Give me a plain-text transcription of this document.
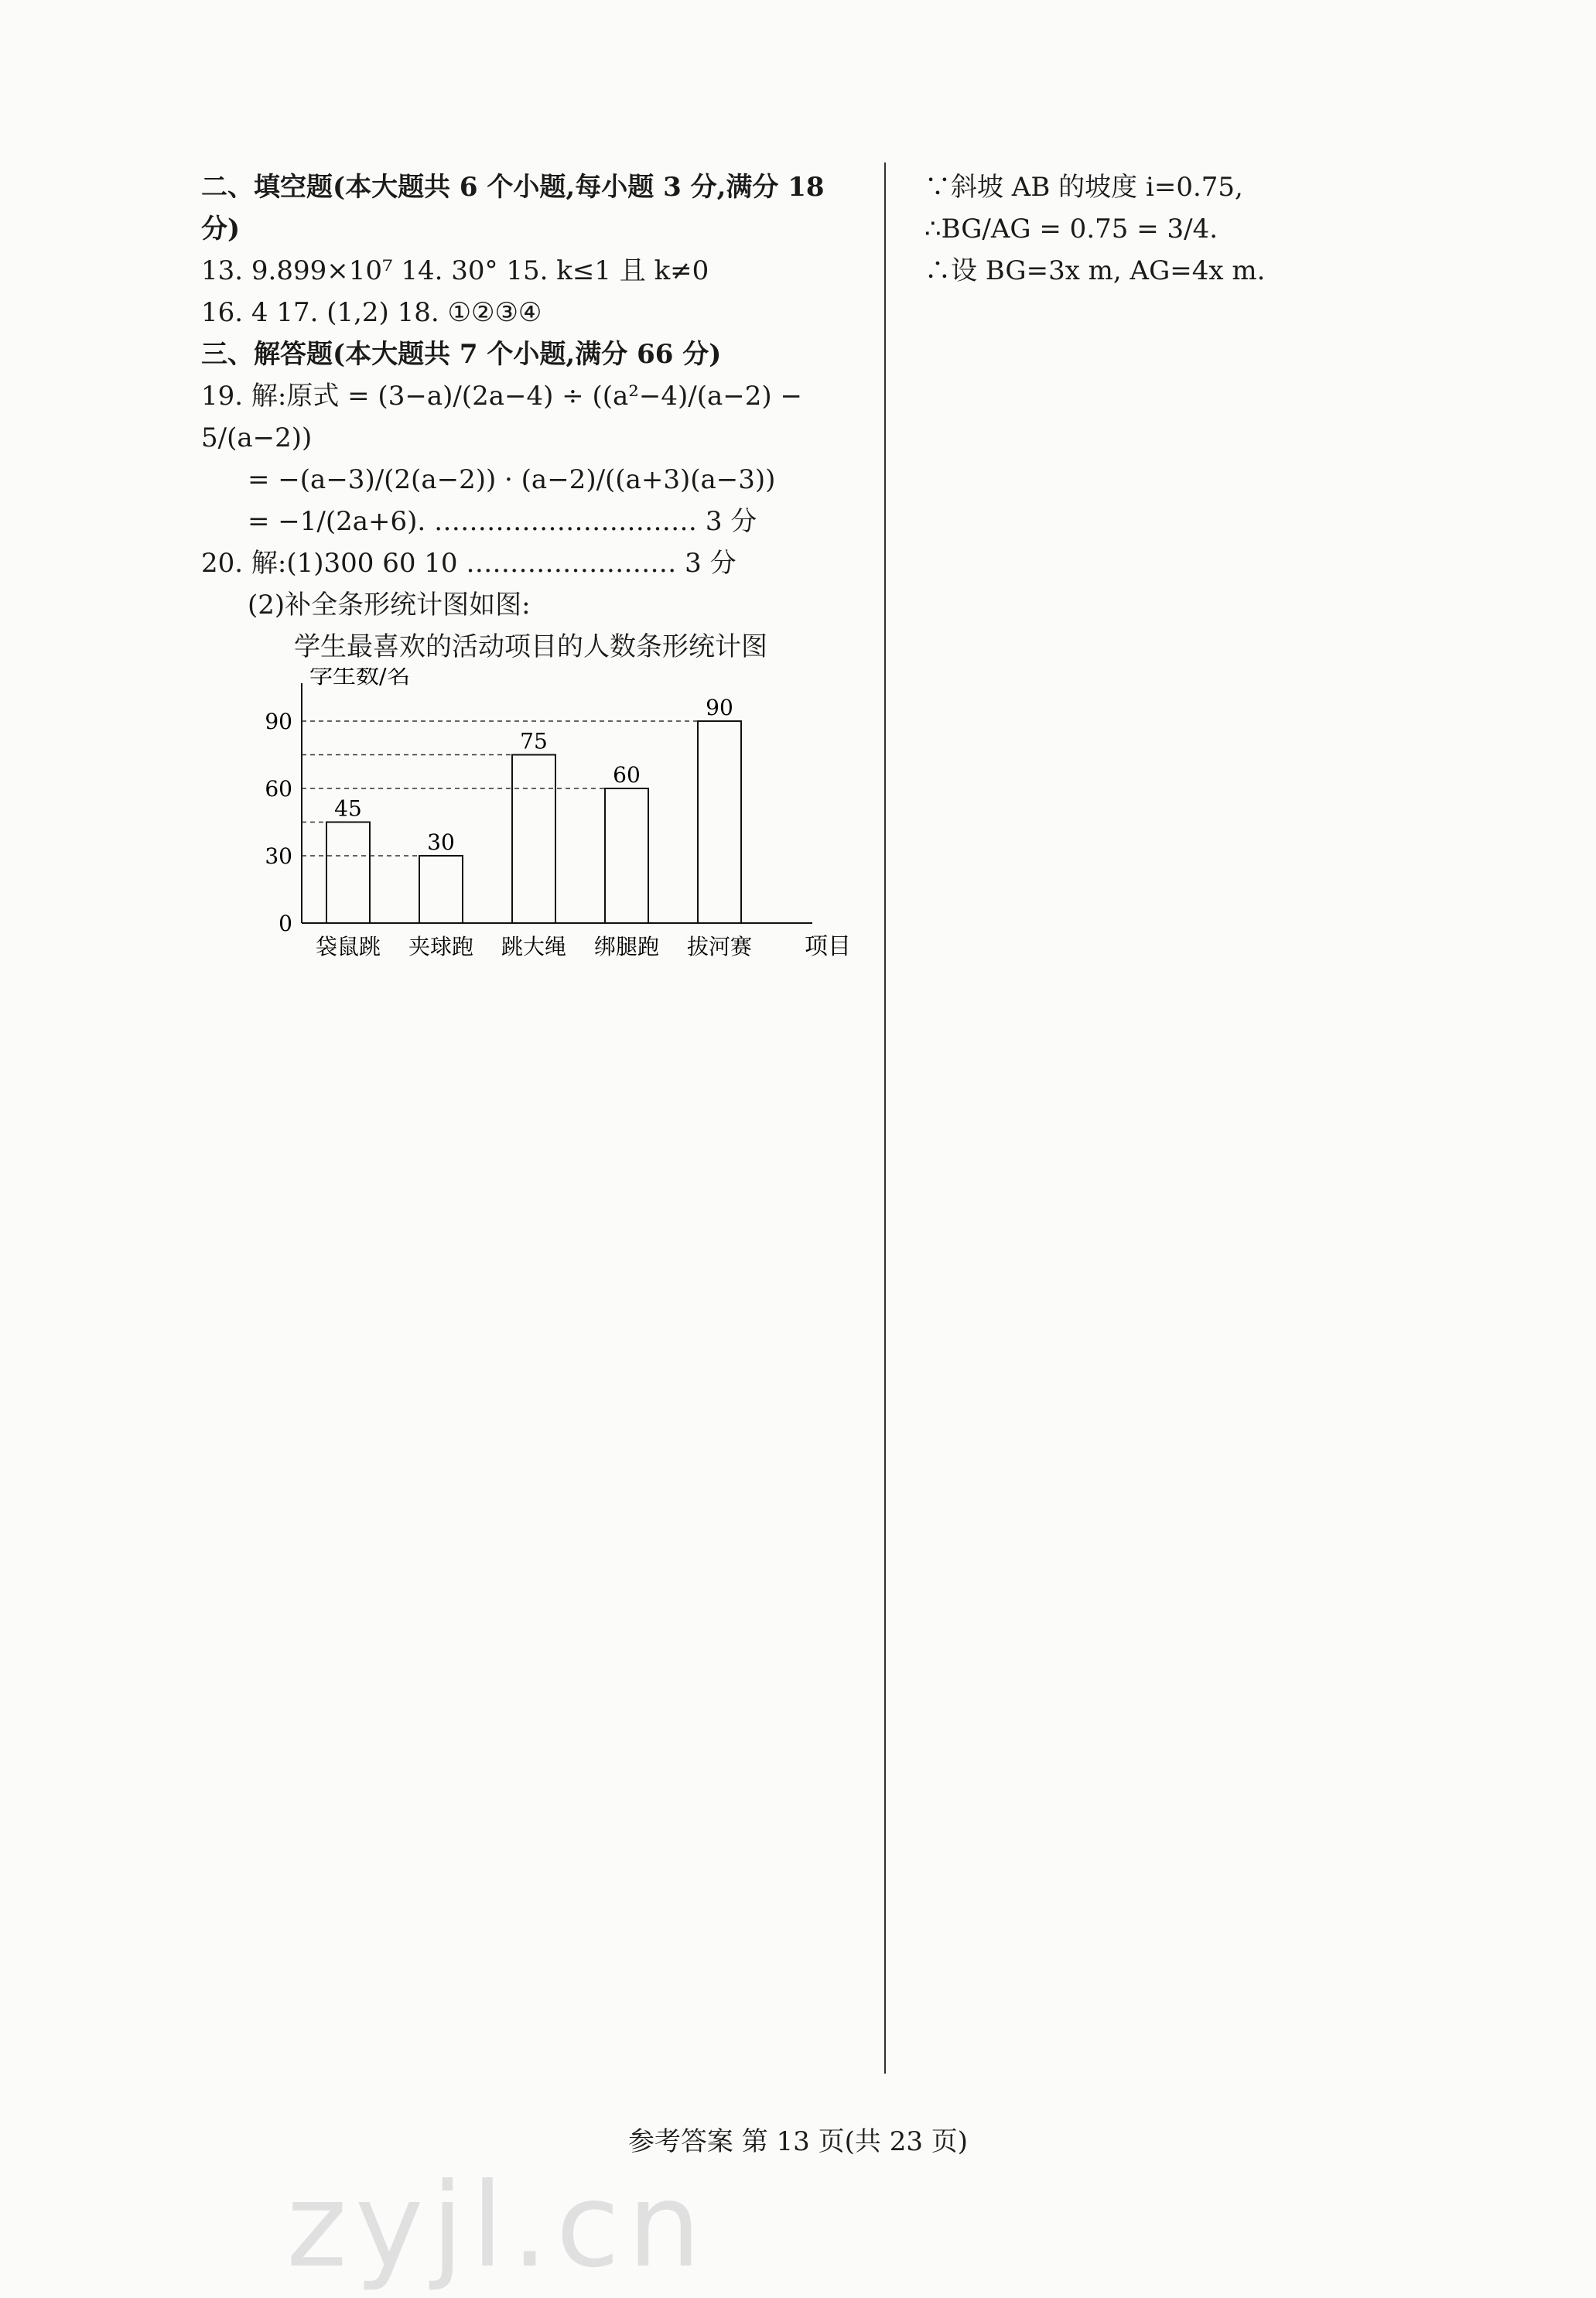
二、填空题(本大题共 6 个小题,每小题 3 分,满分 18 分)
13. 9.899×10⁷ 14. 30° 15. k≤1 且 k≠0
16. 4 17. (1,2) 18. ①②③④
三、解答题(本大题共 7 个小题,满分 66 分)
19. 解:原式 = (3−a)/(2a−4) ÷ ((a²−4)/(a−2) − 5/(a−2))
= −(a−3)/(2(a−2)) · (a−2)/((a+3)(a−3))
= −1/(2a+6). ………………………… 3 分
20. 解:(1)300 60 10 …………………… 3 分
(2)补全条形统计图如图:
学生最喜欢的活动项目的人数条形统计图
学生数/名
项目
0
30
60
90
45
袋鼠跳
30
夹球跑
75
跳大绳
60
绑腿跑
90
拔河赛
∵斜坡 AB 的坡度 i=0.75,
∴BG/AG = 0.75 = 3/4.
∴设 BG=3x m, AG=4x m.
参考答案 第 13 页(共 23 页)
zyjl.cn
